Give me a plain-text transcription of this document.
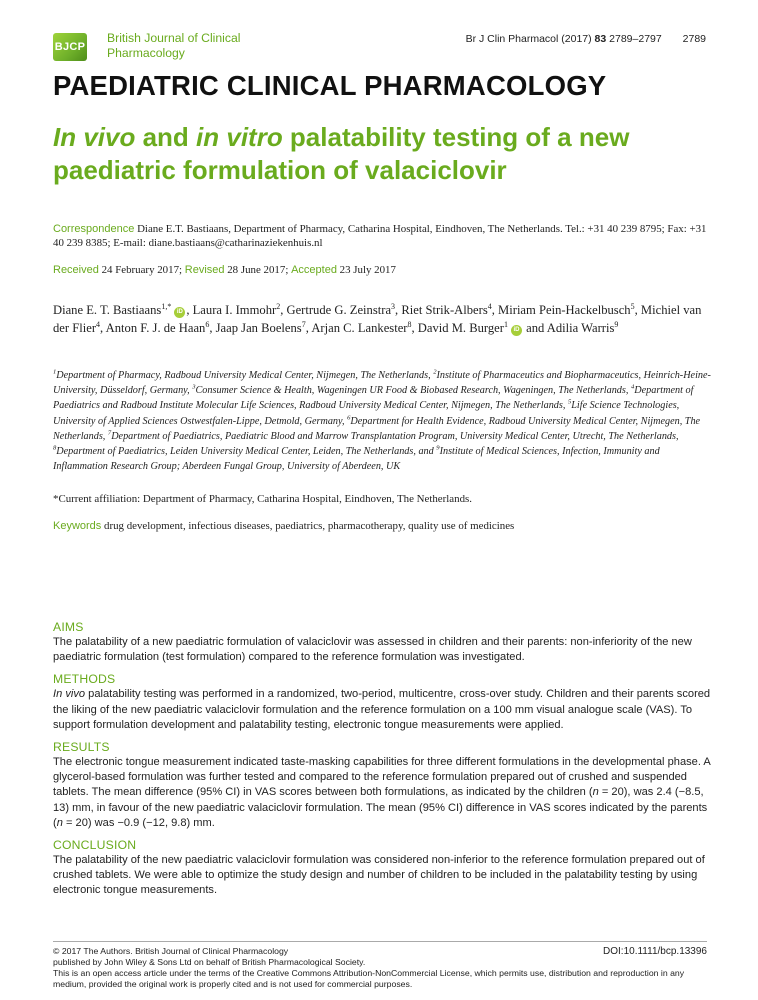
BJCP
British Journal of Clinical Pharmacology
Br J Clin Pharmacol (2017) 83 2789–2797 2789
PAEDIATRIC CLINICAL PHARMACOLOGY
In vivo and in vitro palatability testing of a new paediatric formulation of valaciclovir
Correspondence Diane E.T. Bastiaans, Department of Pharmacy, Catharina Hospital, Eindhoven, The Netherlands. Tel.: +31 40 239 8795; Fax: +31 40 239 8385; E-mail: diane.bastiaans@catharinaziekenhuis.nl
Received 24 February 2017; Revised 28 June 2017; Accepted 23 July 2017
Diane E. T. Bastiaans$^{1,*}$iD , Laura I. Immohr$^2$, Gertrude G. Zeinstra$^3$, Riet Strik-Albers$^4$, Miriam Pein-Hackelbusch$^5$, Michiel van der Flier$^4$, Anton F. J. de Haan$^6$, Jaap Jan Boelens$^7$, Arjan C. Lankester$^8$, David M. Burger$^1$iD and Adilia Warris$^9$
$^1$Department of Pharmacy, Radboud University Medical Center, Nijmegen, The Netherlands, $^2$Institute of Pharmaceutics and Biopharmaceutics, Heinrich-Heine-University, Düsseldorf, Germany, $^3$Consumer Science & Health, Wageningen UR Food & Biobased Research, Wageningen, The Netherlands, $^4$Department of Paediatrics and Radboud Institute Molecular Life Sciences, Radboud University Medical Center, Nijmegen, The Netherlands, $^5$Life Science Technologies, University of Applied Sciences Ostwestfalen-Lippe, Detmold, Germany, $^6$Department for Health Evidence, Radboud University Medical Center, Nijmegen, The Netherlands, $^7$Department of Paediatrics, Paediatric Blood and Marrow Transplantation Program, University Medical Center, Utrecht, The Netherlands, $^8$Department of Paediatrics, Leiden University Medical Center, Leiden, The Netherlands, and $^9$Institute of Medical Sciences, Infection, Immunity and Inflammation Research Group; Aberdeen Fungal Group, University of Aberdeen, UK
*Current affiliation: Department of Pharmacy, Catharina Hospital, Eindhoven, The Netherlands.
Keywords drug development, infectious diseases, paediatrics, pharmacotherapy, quality use of medicines
AIMS

The palatability of a new paediatric formulation of valaciclovir was assessed in children and their parents: non-inferiority of the new paediatric formulation (test formulation) compared to the reference formulation was investigated.

METHODS

In vivo palatability testing was performed in a randomized, two-period, multicentre, cross-over study. Children and their parents scored the liking of the new paediatric valaciclovir formulation and the reference formulation on a 100 mm visual analogue scale (VAS). To support formulation development and palatability testing, electronic tongue measurements were applied.

RESULTS

The electronic tongue measurement indicated taste-masking capabilities for three different formulations in the developmental phase. A glycerol-based formulation was further tested and compared to the reference formulation prepared out of crushed and suspended tablets. The mean difference (95% CI) in VAS scores between both formulations, as indicated by the children (n = 20), was 2.4 (−8.5, 13) mm, in favour of the new paediatric valaciclovir formulation. The mean (95% CI) difference in VAS scores indicated by the parents (n = 20) was −0.9 (−12, 9.8) mm.

CONCLUSION

The palatability of the new paediatric valaciclovir formulation was considered non-inferior to the reference formulation prepared out of crushed tablets. We were able to optimize the study design and number of children to be included in the palatability testing by using electronic tongue measurements.

© 2017 The Authors. British Journal of Clinical Pharmacology	DOI:10.1111/bcp.13396
published by John Wiley & Sons Ltd on behalf of British Pharmacological Society.
This is an open access article under the terms of the Creative Commons Attribution-NonCommercial License, which permits use, distribution and reproduction in any medium, provided the original work is properly cited and is not used for commercial purposes.
